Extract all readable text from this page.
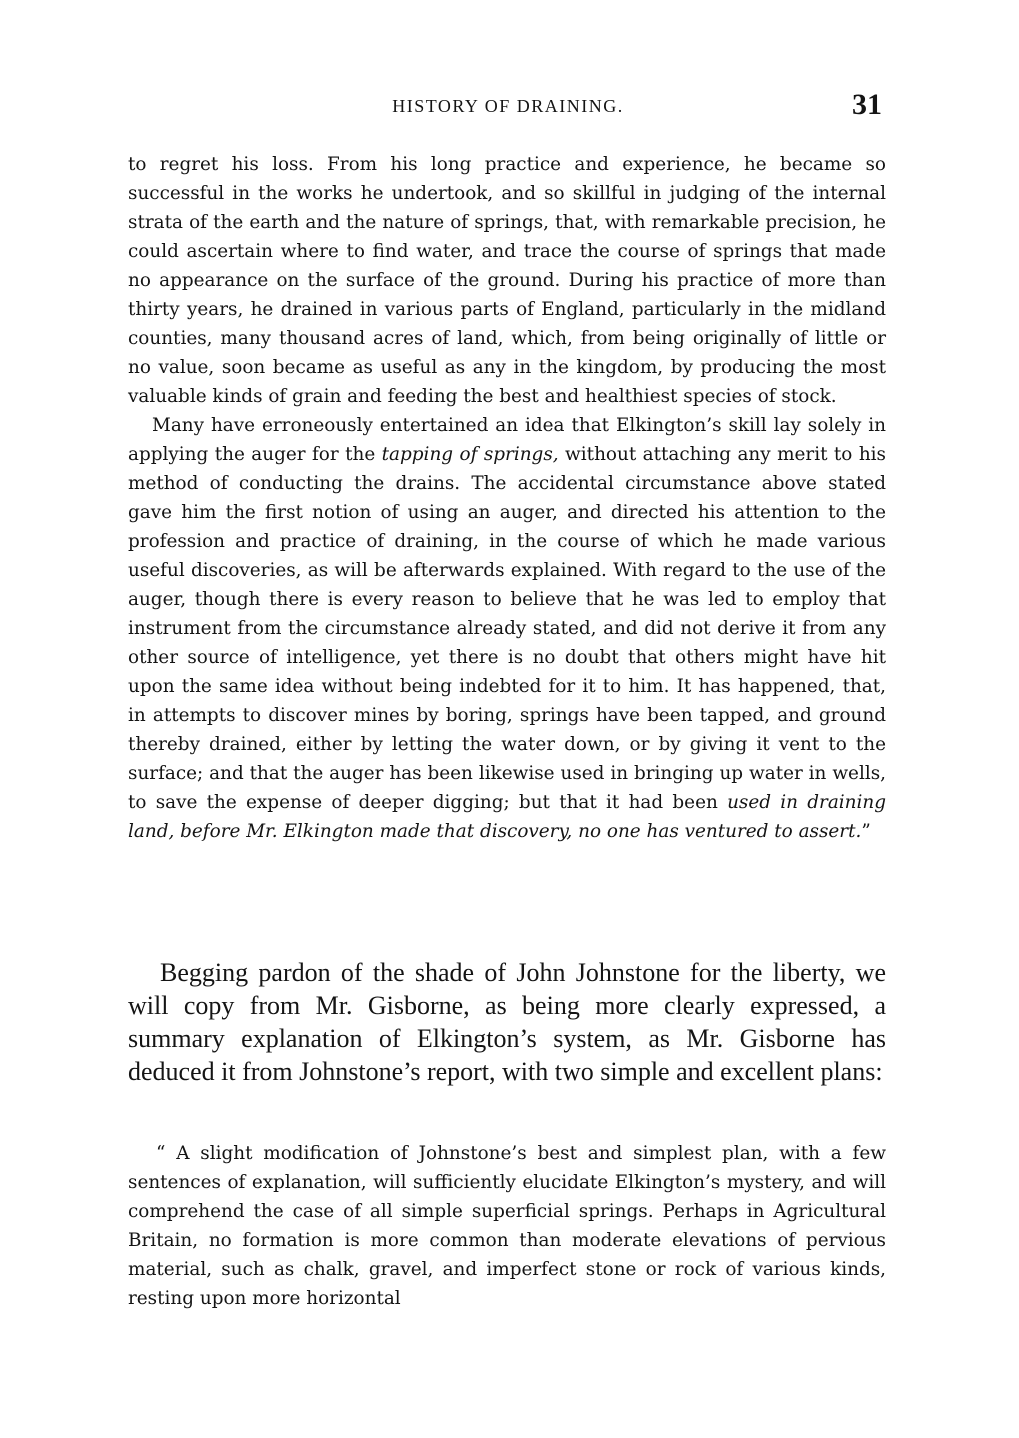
HISTORY OF DRAINING.	31

to regret his loss. From his long practice and experience, he became so successful in the works he undertook, and so skillful in judging of the internal strata of the earth and the nature of springs, that, with remarkable precision, he could ascertain where to find water, and trace the course of springs that made no appearance on the surface of the ground. During his practice of more than thirty years, he drained in various parts of England, particularly in the midland counties, many thousand acres of land, which, from being originally of little or no value, soon became as useful as any in the kingdom, by producing the most valuable kinds of grain and feeding the best and healthiest species of stock.

Many have erroneously entertained an idea that Elkington’s skill lay solely in applying the auger for the tapping of springs, without attaching any merit to his method of conducting the drains. The accidental circumstance above stated gave him the first notion of using an auger, and directed his attention to the profession and practice of draining, in the course of which he made various useful discoveries, as will be afterwards explained. With regard to the use of the auger, though there is every reason to believe that he was led to employ that instrument from the circumstance already stated, and did not derive it from any other source of intelligence, yet there is no doubt that others might have hit upon the same idea without being indebted for it to him. It has happened, that, in attempts to discover mines by boring, springs have been tapped, and ground thereby drained, either by letting the water down, or by giving it vent to the surface; and that the auger has been likewise used in bringing up water in wells, to save the expense of deeper digging; but that it had been used in draining land, before Mr. Elkington made that discovery, no one has ventured to assert.”

Begging pardon of the shade of John Johnstone for the liberty, we will copy from Mr. Gisborne, as being more clearly expressed, a summary explanation of Elkington’s system, as Mr. Gisborne has deduced it from Johnstone’s report, with two simple and excellent plans:

“ A slight modification of Johnstone’s best and simplest plan, with a few sentences of explanation, will sufficiently elucidate Elkington’s mystery, and will comprehend the case of all simple superficial springs. Perhaps in Agricultural Britain, no formation is more common than moderate elevations of pervious material, such as chalk, gravel, and imperfect stone or rock of various kinds, resting upon more horizontal
